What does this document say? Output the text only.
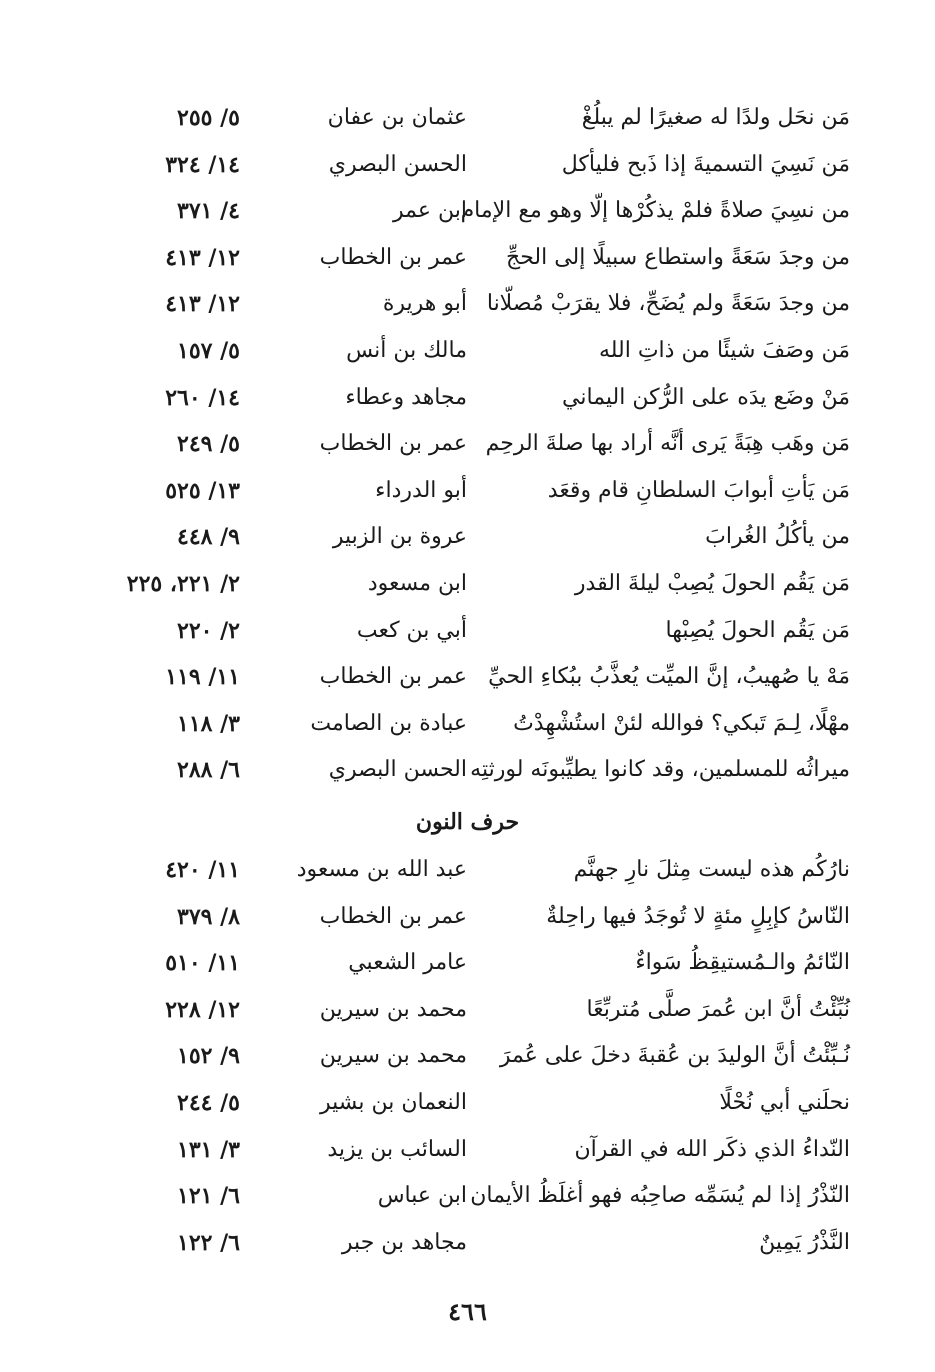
مَن نحَل ولدًا له صغيرًا لم يبلُغْ
عثمان بن عفان
٥/ ٢٥٥
مَن نَسِيَ التسميةَ إذا ذَبح فليأكل
الحسن البصري
١٤/ ٣٢٤
من نسِيَ صلاةً فلمْ يذكُرْها إلّا وهو مع الإمام
ابن عمر
٤/ ٣٧١
من وجدَ سَعَةً واستطاع سبيلًا إلى الحجِّ
عمر بن الخطاب
١٢/ ٤١٣
من وجدَ سَعَةً ولم يُضَحِّ، فلا يقرَبْ مُصلّانا
أبو هريرة
١٢/ ٤١٣
مَن وصَفَ شيئًا من ذاتِ الله
مالك بن أنس
٥/ ١٥٧
مَنْ وضَع يدَه على الرُّكن اليماني
مجاهد وعطاء
١٤/ ٢٦٠
مَن وهَب هِبَةً يَرى أنَّه أراد بها صلةَ الرحِم
عمر بن الخطاب
٥/ ٢٤٩
مَن يَأتِ أبوابَ السلطانِ قام وقعَد
أبو الدرداء
١٣/ ٥٢٥
من يأكُلُ الغُرابَ
عروة بن الزبير
٩/ ٤٤٨
مَن يَقُم الحولَ يُصِبْ ليلةَ القدر
ابن مسعود
٢/ ٢٢١، ٢٢٥
مَن يَقُم الحولَ يُصِبْها
أبي بن كعب
٢/ ٢٢٠
مَهْ يا صُهيبُ، إنَّ الميِّت يُعذَّبُ ببُكاءِ الحيِّ
عمر بن الخطاب
١١/ ١١٩
مهْلًا، لِـمَ تَبكي؟ فوالله لئنْ استُشْهِدْتُ
عبادة بن الصامت
٣/ ١١٨
ميراثُه للمسلمين، وقد كانوا يطيِّبونَه لورثتِه
الحسن البصري
٦/ ٢٨٨
حرف النون
نارُكُم هذه ليست مِثلَ نارِ جهنَّم
عبد الله بن مسعود
١١/ ٤٢٠
النّاسُ كإبِلٍ مئةٍ لا تُوجَدُ فيها راحِلةٌ
عمر بن الخطاب
٨/ ٣٧٩
النّائمُ والـمُستيقِظُ سَواءٌ
عامر الشعبي
١١/ ٥١٠
نُبِّئْتُ أنَّ ابن عُمرَ صلَّى مُتربِّعًا
محمد بن سيرين
١٢/ ٢٢٨
نُـبِّئْتُ أنَّ الوليدَ بن عُقبةَ دخلَ على عُمرَ
محمد بن سيرين
٩/ ١٥٢
نحلَني أبي نُحْلًا
النعمان بن بشير
٥/ ٢٤٤
النّداءُ الذي ذكَر الله في القرآن
السائب بن يزيد
٣/ ١٣١
النّذْرُ إذا لم يُسَمِّه صاحِبُه فهو أغلَظُ الأيمان
ابن عباس
٦/ ١٢١
النَّذْرُ يَمِينٌ
مجاهد بن جبر
٦/ ١٢٢
٤٦٦
